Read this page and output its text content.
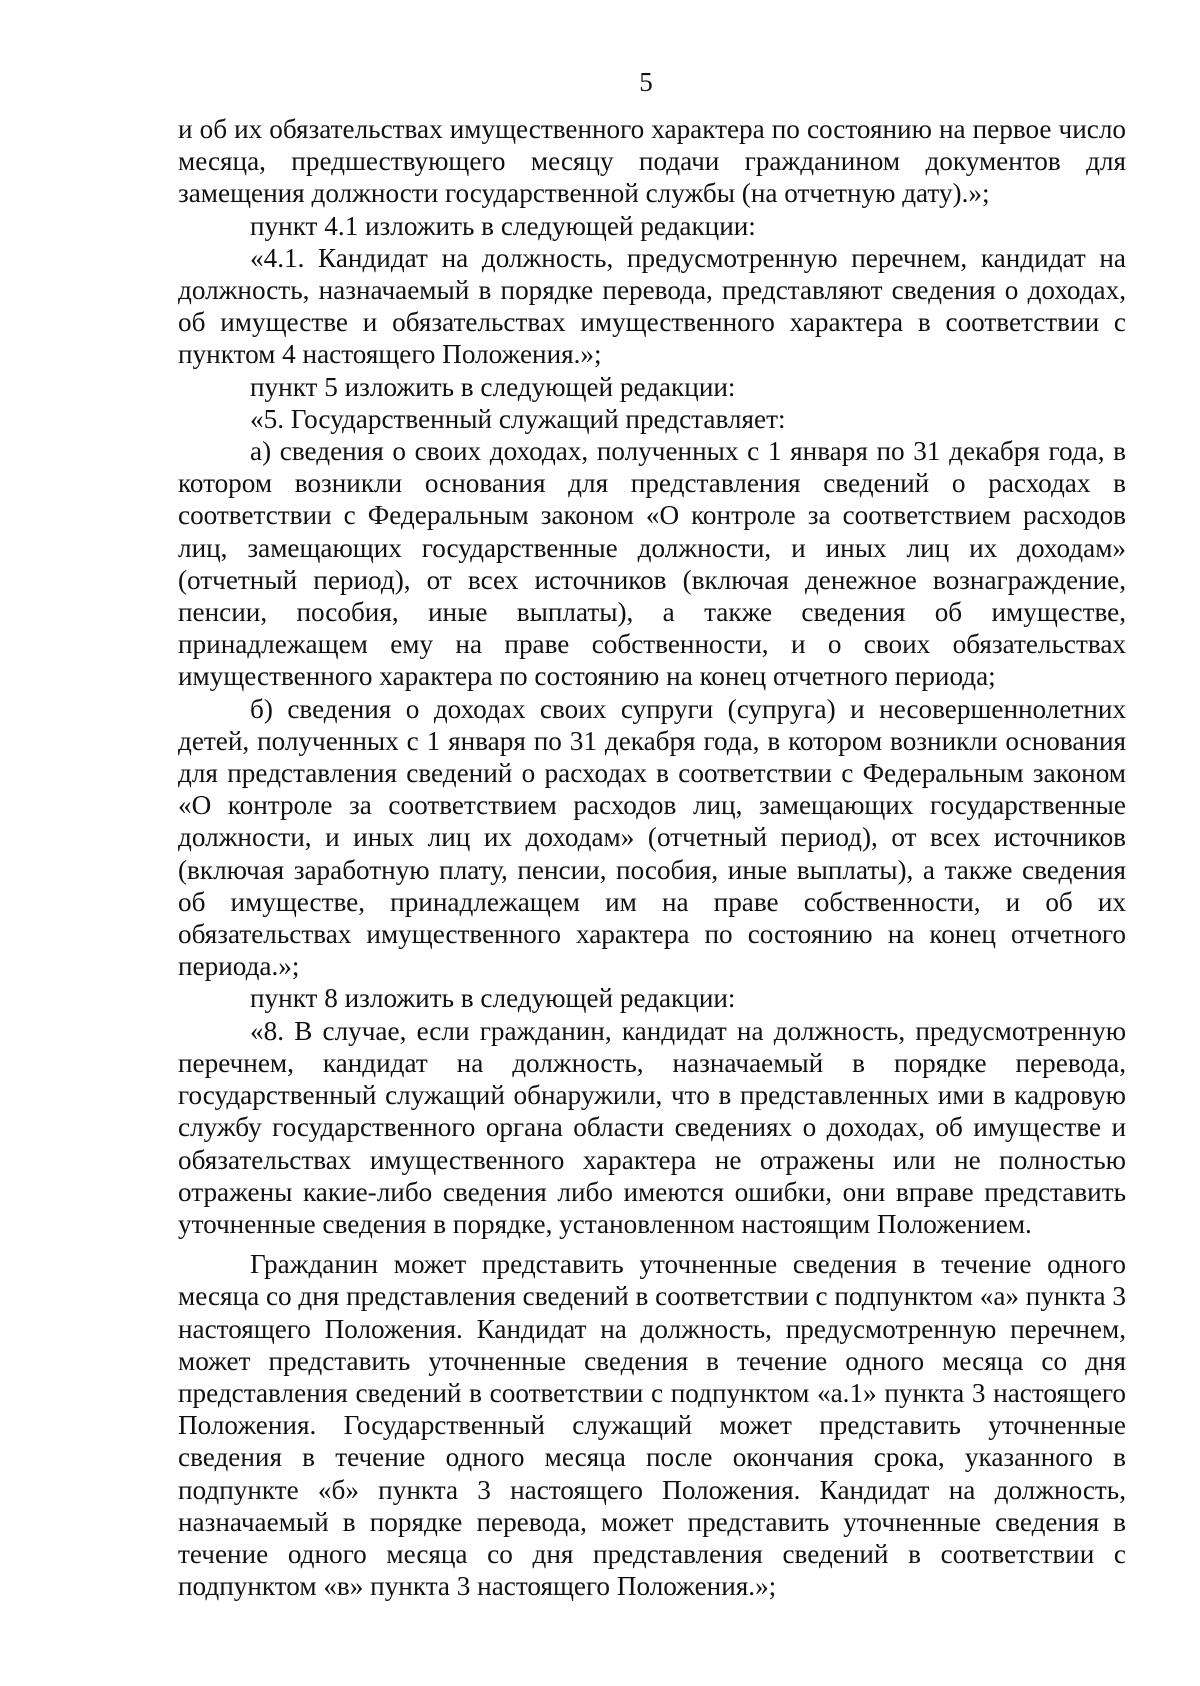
5

и об их обязательствах имущественного характера по состоянию на первое число месяца, предшествующего месяцу подачи гражданином документов для замещения должности государственной службы (на отчетную дату).»;

пункт 4.1 изложить в следующей редакции:

«4.1. Кандидат на должность, предусмотренную перечнем, кандидат на должность, назначаемый в порядке перевода, представляют сведения о доходах, об имуществе и обязательствах имущественного характера в соответствии с пунктом 4 настоящего Положения.»;

пункт 5 изложить в следующей редакции:

«5. Государственный служащий представляет:

а) сведения о своих доходах, полученных с 1 января по 31 декабря года, в котором возникли основания для представления сведений о расходах в соответствии с Федеральным законом «О контроле за соответствием расходов лиц, замещающих государственные должности, и иных лиц их доходам» (отчетный период), от всех источников (включая денежное вознаграждение, пенсии, пособия, иные выплаты), а также сведения об имуществе, принадлежащем ему на праве собственности, и о своих обязательствах имущественного характера по состоянию на конец отчетного периода;

б) сведения о доходах своих супруги (супруга) и несовершеннолетних детей, полученных с 1 января по 31 декабря года, в котором возникли основания для представления сведений о расходах в соответствии с Федеральным законом «О контроле за соответствием расходов лиц, замещающих государственные должности, и иных лиц их доходам» (отчетный период), от всех источников (включая заработную плату, пенсии, пособия, иные выплаты), а также сведения об имуществе, принадлежащем им на праве собственности, и об их обязательствах имущественного характера по состоянию на конец отчетного периода.»;

пункт 8 изложить в следующей редакции:

«8. В случае, если гражданин, кандидат на должность, предусмотренную перечнем, кандидат на должность, назначаемый в порядке перевода, государственный служащий обнаружили, что в представленных ими в кадровую службу государственного органа области сведениях о доходах, об имуществе и обязательствах имущественного характера не отражены или не полностью отражены какие-либо сведения либо имеются ошибки, они вправе представить уточненные сведения в порядке, установленном настоящим Положением.

Гражданин может представить уточненные сведения в течение одного месяца со дня представления сведений в соответствии с подпунктом «а» пункта 3 настоящего Положения. Кандидат на должность, предусмотренную перечнем, может представить уточненные сведения в течение одного месяца со дня представления сведений в соответствии с подпунктом «а.1» пункта 3 настоящего Положения. Государственный служащий может представить уточненные сведения в течение одного месяца после окончания срока, указанного в подпункте «б» пункта 3 настоящего Положения. Кандидат на должность, назначаемый в порядке перевода, может представить уточненные сведения в течение одного месяца со дня представления сведений в соответствии с подпунктом «в» пункта 3 настоящего Положения.»;
